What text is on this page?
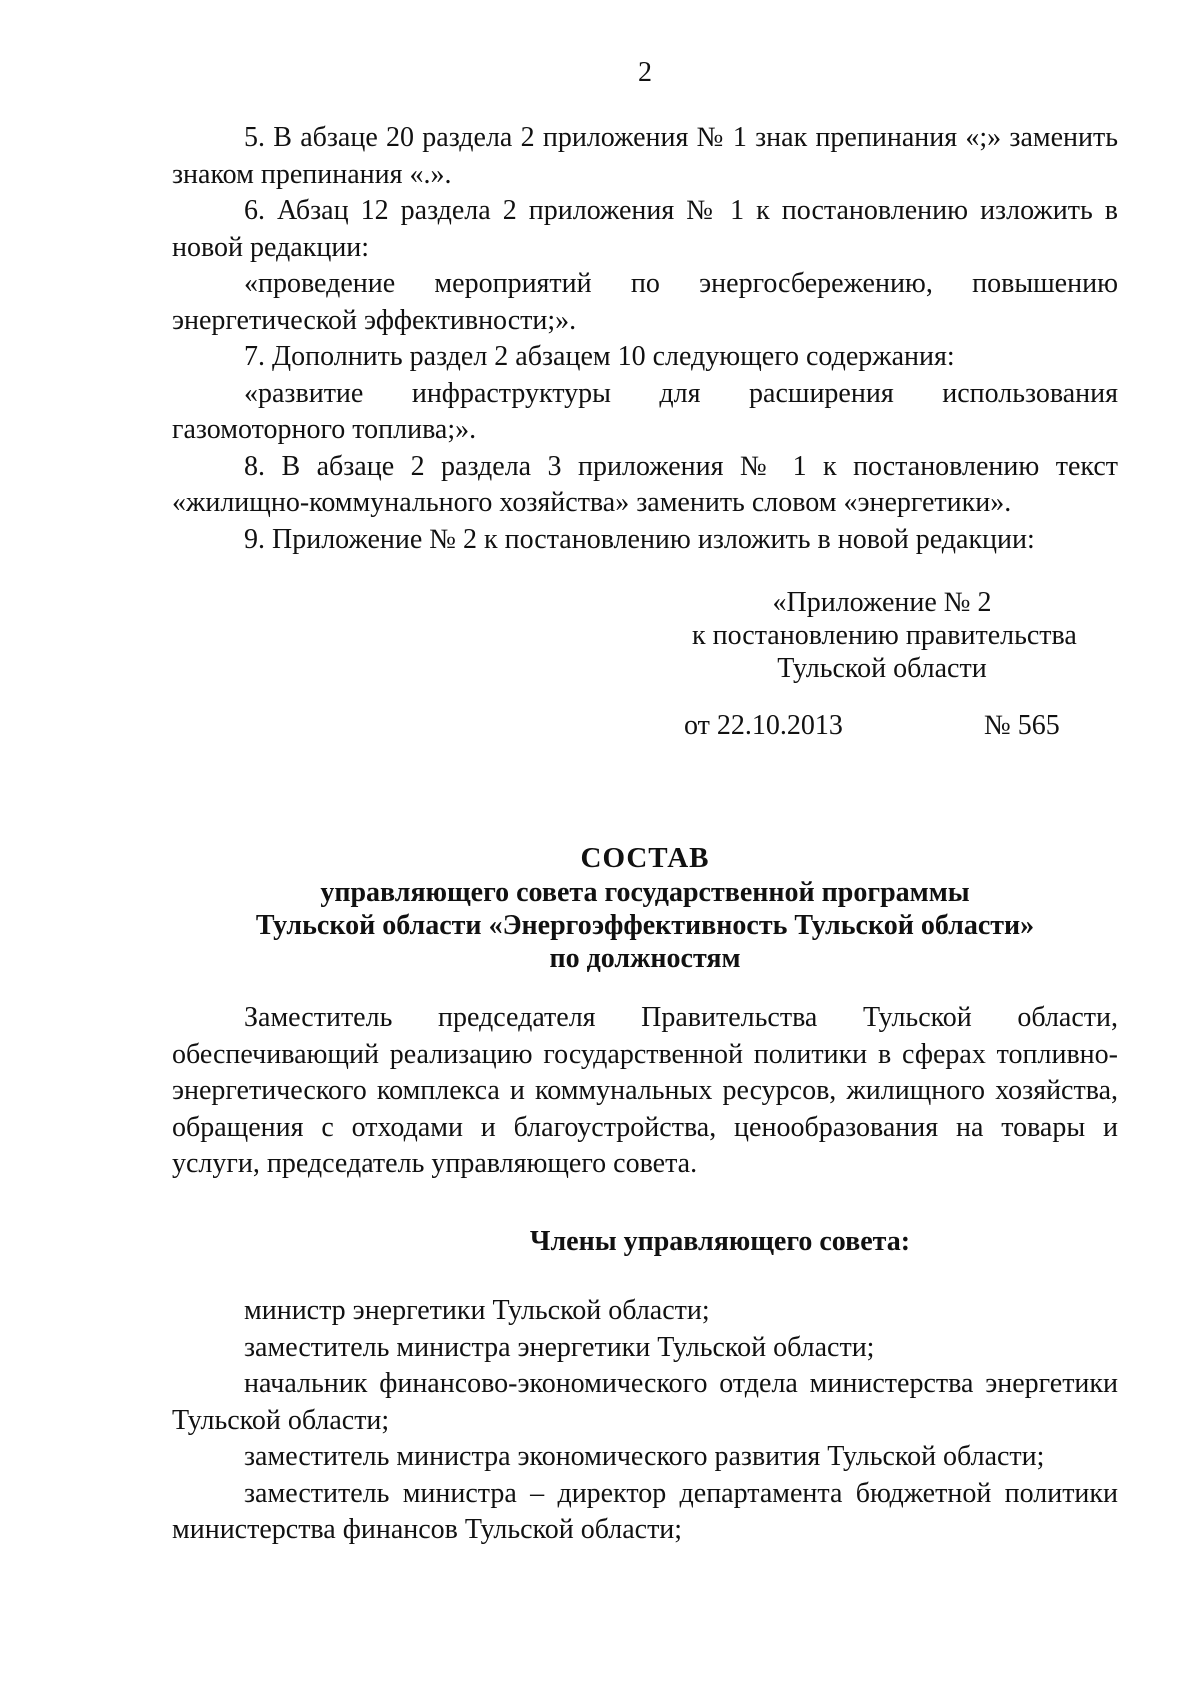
2

5. В абзаце 20 раздела 2 приложения № 1 знак препинания «;» заменить знаком препинания «.».

6. Абзац 12 раздела 2 приложения № 1 к постановлению изложить в новой редакции:

«проведение мероприятий по энергосбережению, повышению энергетической эффективности;».

7. Дополнить раздел 2 абзацем 10 следующего содержания:

«развитие инфраструктуры для расширения использования газомоторного топлива;».

8. В абзаце 2 раздела 3 приложения № 1 к постановлению текст «жилищно-коммунального хозяйства» заменить словом «энергетики».

9. Приложение № 2 к постановлению изложить в новой редакции:

«Приложение № 2
к постановлению правительства
Тульской области
от 22.10.2013	№ 565
СОСТАВ
управляющего совета государственной программы
Тульской области «Энергоэффективность Тульской области»
по должностям

Заместитель председателя Правительства Тульской области, обеспечивающий реализацию государственной политики в сферах топливно-энергетического комплекса и коммунальных ресурсов, жилищного хозяйства, обращения с отходами и благоустройства, ценообразования на товары и услуги, председатель управляющего совета.

Члены управляющего совета:

министр энергетики Тульской области;

заместитель министра энергетики Тульской области;

начальник финансово-экономического отдела министерства энергетики Тульской области;

заместитель министра экономического развития Тульской области;

заместитель министра – директор департамента бюджетной политики министерства финансов Тульской области;
